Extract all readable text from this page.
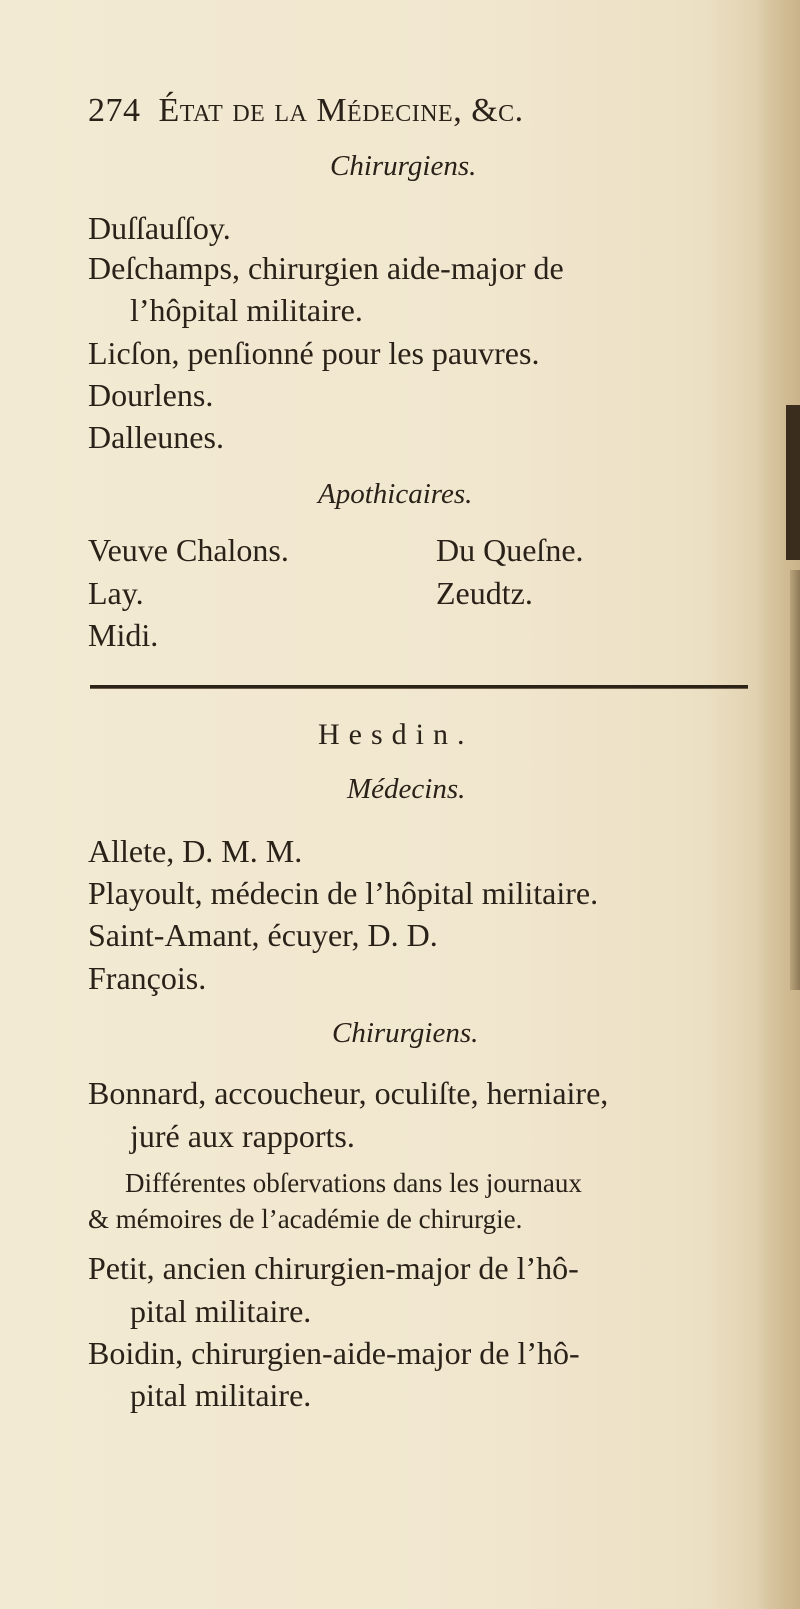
274 État de la Médecine, &c.
Chirurgiens.
Duſſauſſoy.
Deſchamps, chirurgien aide-major de
l’hôpital militaire.
Licſon, penſionné pour les pauvres.
Dourlens.
Dalleunes.
Apothicaires.
Veuve Chalons.
Lay.
Midi.
Du Queſne.
Zeudtz.
Hesdin.
Médecins.
Allete, D. M. M.
Playoult, médecin de l’hôpital militaire.
Saint-Amant, écuyer, D. D.
François.
Chirurgiens.
Bonnard, accoucheur, oculiſte, herniaire,
juré aux rapports.
Différentes obſervations dans les journaux
& mémoires de l’académie de chirurgie.
Petit, ancien chirurgien-major de l’hô-
pital militaire.
Boidin, chirurgien-aide-major de l’hô-
pital militaire.
